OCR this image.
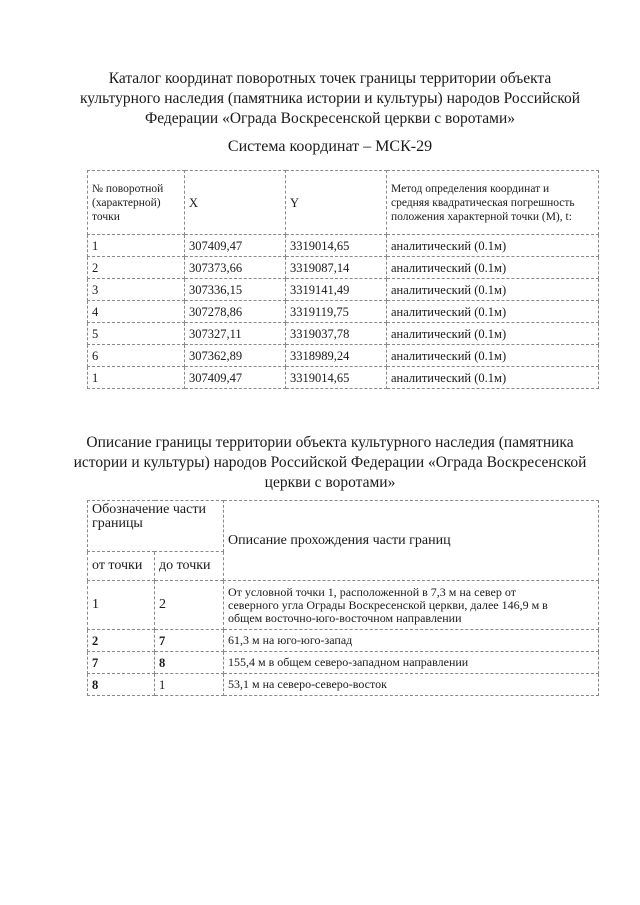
Каталог координат поворотных точек границы территории объекта
культурного наследия (памятника истории и культуры) народов Российской
Федерации «Ограда Воскресенской церкви с воротами»
Система координат – МСК-29
№ поворотной
(характерной)
точки	X	Y	Метод определения координат и
средняя квадратическая погрешность
положения характерной точки (М), t:

1	307409,47	3319014,65	аналитический (0.1м)
2	307373,66	3319087,14	аналитический (0.1м)
3	307336,15	3319141,49	аналитический (0.1м)
4	307278,86	3319119,75	аналитический (0.1м)
5	307327,11	3319037,78	аналитический (0.1м)
6	307362,89	3318989,24	аналитический (0.1м)
1	307409,47	3319014,65	аналитический (0.1м)
Описание границы территории объекта культурного наследия (памятника
истории и культуры) народов Российской Федерации «Ограда Воскресенской
церкви с воротами»
Обозначение части
границы		Описание прохождения части границ
от точки	до точки	
1	2	От условной точки 1, расположенной в 7,3 м на север от
северного угла Ограды Воскресенской церкви, далее 146,9 м в
общем восточно-юго-восточном направлении

2	7	61,3 м на юго-юго-запад
7	8	155,4 м в общем северо-западном направлении
8	1	53,1 м на северо-северо-восток
